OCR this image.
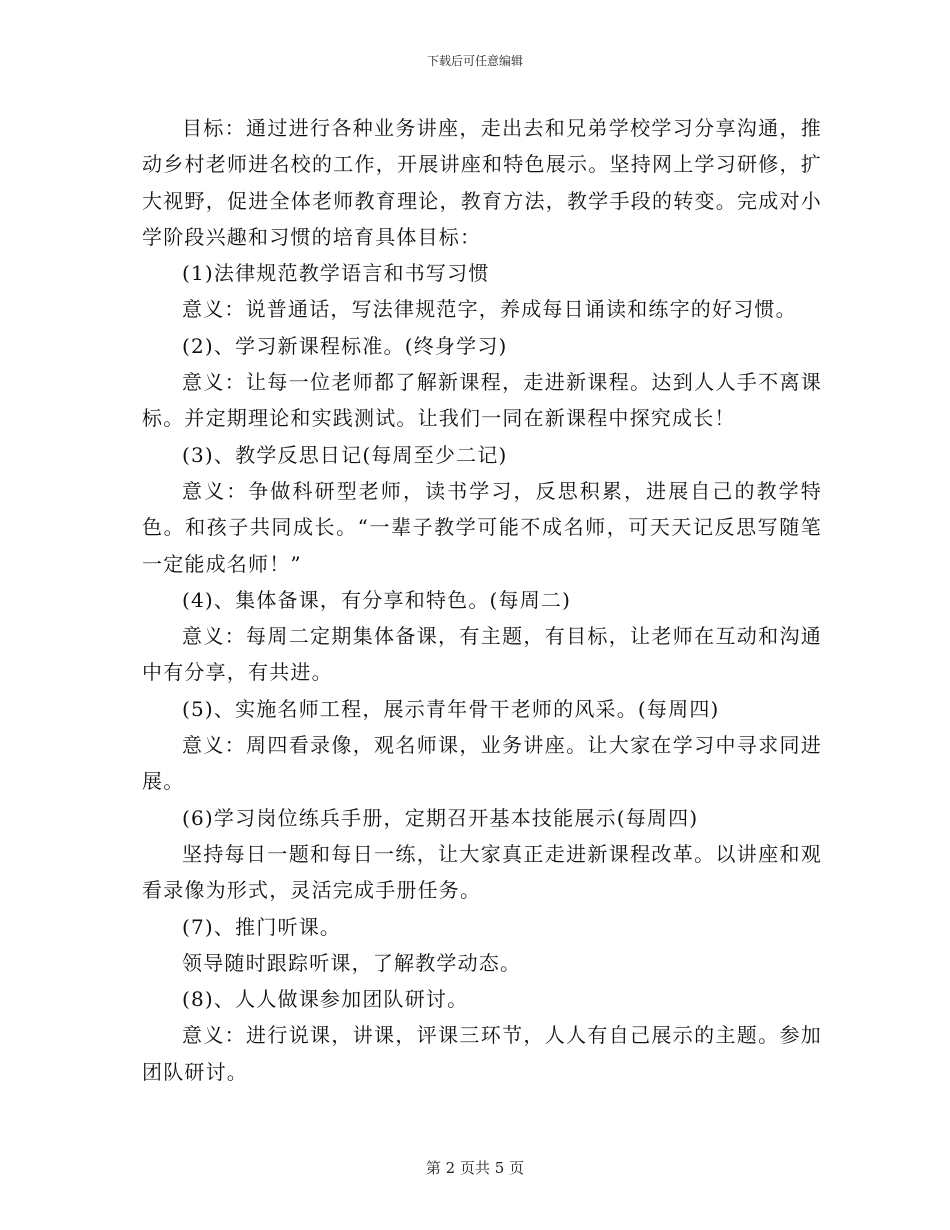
下载后可任意编辑

目标：通过进行各种业务讲座，走出去和兄弟学校学习分享沟通，推动乡村老师进名校的工作，开展讲座和特色展示。坚持网上学习研修，扩大视野，促进全体老师教育理论，教育方法，教学手段的转变。完成对小学阶段兴趣和习惯的培育具体目标：

(1)法律规范教学语言和书写习惯

意义：说普通话，写法律规范字，养成每日诵读和练字的好习惯。

(2)、学习新课程标准。(终身学习)

意义：让每一位老师都了解新课程，走进新课程。达到人人手不离课标。并定期理论和实践测试。让我们一同在新课程中探究成长！

(3)、教学反思日记(每周至少二记)

意义：争做科研型老师，读书学习，反思积累，进展自己的教学特色。和孩子共同成长。“一辈子教学可能不成名师，可天天记反思写随笔一定能成名师！”

(4)、集体备课，有分享和特色。(每周二)

意义：每周二定期集体备课，有主题，有目标，让老师在互动和沟通中有分享，有共进。

(5)、实施名师工程，展示青年骨干老师的风采。(每周四)

意义：周四看录像，观名师课，业务讲座。让大家在学习中寻求同进展。

(6)学习岗位练兵手册，定期召开基本技能展示(每周四)

坚持每日一题和每日一练，让大家真正走进新课程改革。以讲座和观看录像为形式，灵活完成手册任务。

(7)、推门听课。

领导随时跟踪听课，了解教学动态。

(8)、人人做课参加团队研讨。

意义：进行说课，讲课，评课三环节，人人有自己展示的主题。参加团队研讨。

第 2 页共 5 页
